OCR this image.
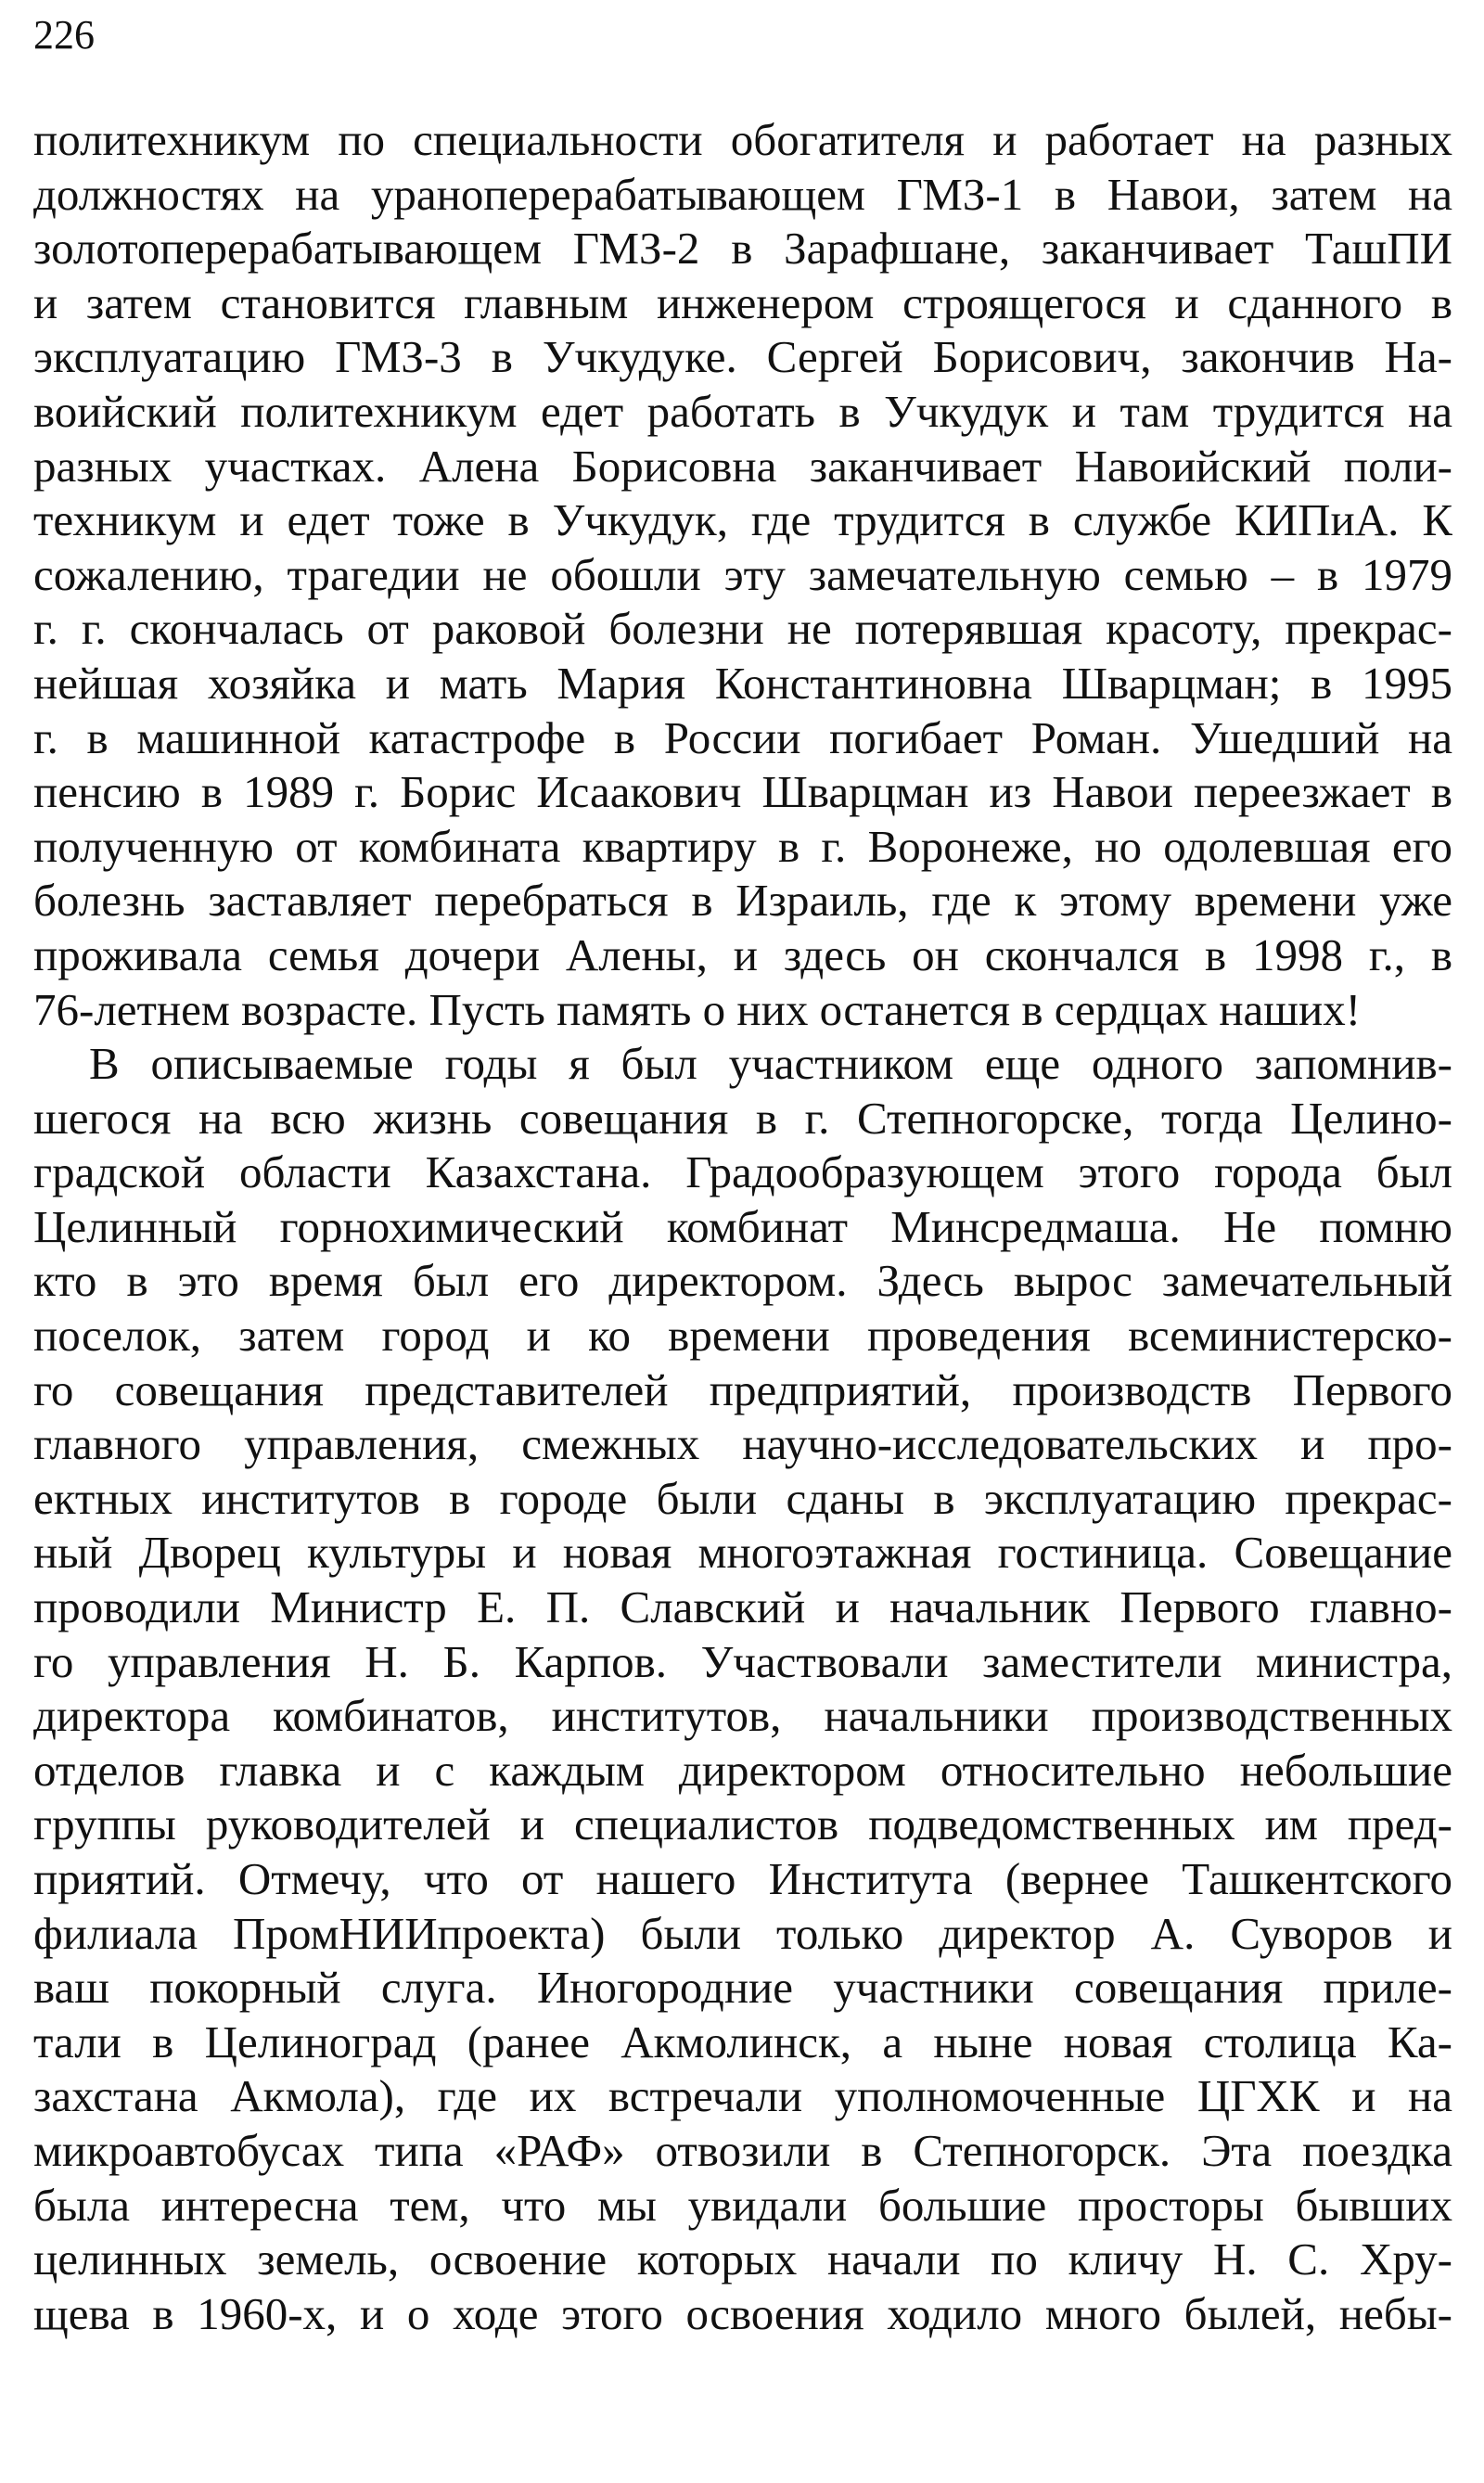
226
политехникум по специальности обогатителя и работает на разных
должностях на уранoперерабатывающем ГМЗ-1 в Навои, затем на
золотоперерабатывающем ГМЗ-2 в Зарафшане, заканчивает ТашПИ
и затем становится главным инженером строящегося и сданного в
эксплуатацию ГМЗ-3 в Учкудуке. Сергей Борисович, закончив На-
воийский политехникум едет работать в Учкудук и там трудится на
разных участках. Алена Борисовна заканчивает Навоийский поли-
техникум и едет тоже в Учкудук, где трудится в службе КИПиА. К
сожалению, трагедии не обошли эту замечательную семью – в 1979
г. г. скончалась от раковой болезни не потерявшая красоту, прекрас-
нейшая хозяйка и мать Мария Константиновна Шварцман; в 1995
г. в машинной катастрофе в России погибает Роман. Ушедший на
пенсию в 1989 г. Борис Исаакович Шварцман из Навои переезжает в
полученную от комбината квартиру в г. Воронеже, но одолевшая его
болезнь заставляет перебраться в Израиль, где к этому времени уже
проживала семья дочери Алены, и здесь он скончался в 1998 г., в
76-летнем возрасте. Пусть память о них останется в сердцах наших!
В описываемые годы я был участником еще одного запомнив-
шегося на всю жизнь совещания в г. Степногорске, тогда Целино-
градской области Казахстана. Градообразующем этого города был
Целинный горнохимический комбинат Минсредмаша. Не помню
кто в это время был его директором. Здесь вырос замечательный
поселок, затем город и ко времени проведения всеминистерско-
го совещания представителей предприятий, производств Первого
главного управления, смежных научно-исследовательских и про-
ектных институтов в городе были сданы в эксплуатацию прекрас-
ный Дворец культуры и новая многоэтажная гостиница. Совещание
проводили Министр Е. П. Славский и начальник Первого главно-
го управления Н. Б. Карпов. Участвовали заместители министра,
директора комбинатов, институтов, начальники производственных
отделов главка и с каждым директором относительно небольшие
группы руководителей и специалистов подведомственных им пред-
приятий. Отмечу, что от нашего Института (вернее Ташкентского
филиала ПромНИИпроекта) были только директор А. Суворов и
ваш покорный слуга. Иногородние участники совещания приле-
тали в Целиноград (ранее Акмолинск, а ныне новая столица Ка-
захстана Акмола), где их встречали уполномоченные ЦГХК и на
микроавтобусах типа «РАФ» отвозили в Степногорск. Эта поездка
была интересна тем, что мы увидали большие просторы бывших
целинных земель, освоение которых начали по кличу Н. С. Хру-
щева в 1960-х, и о ходе этого освоения ходило много былей, небы-
